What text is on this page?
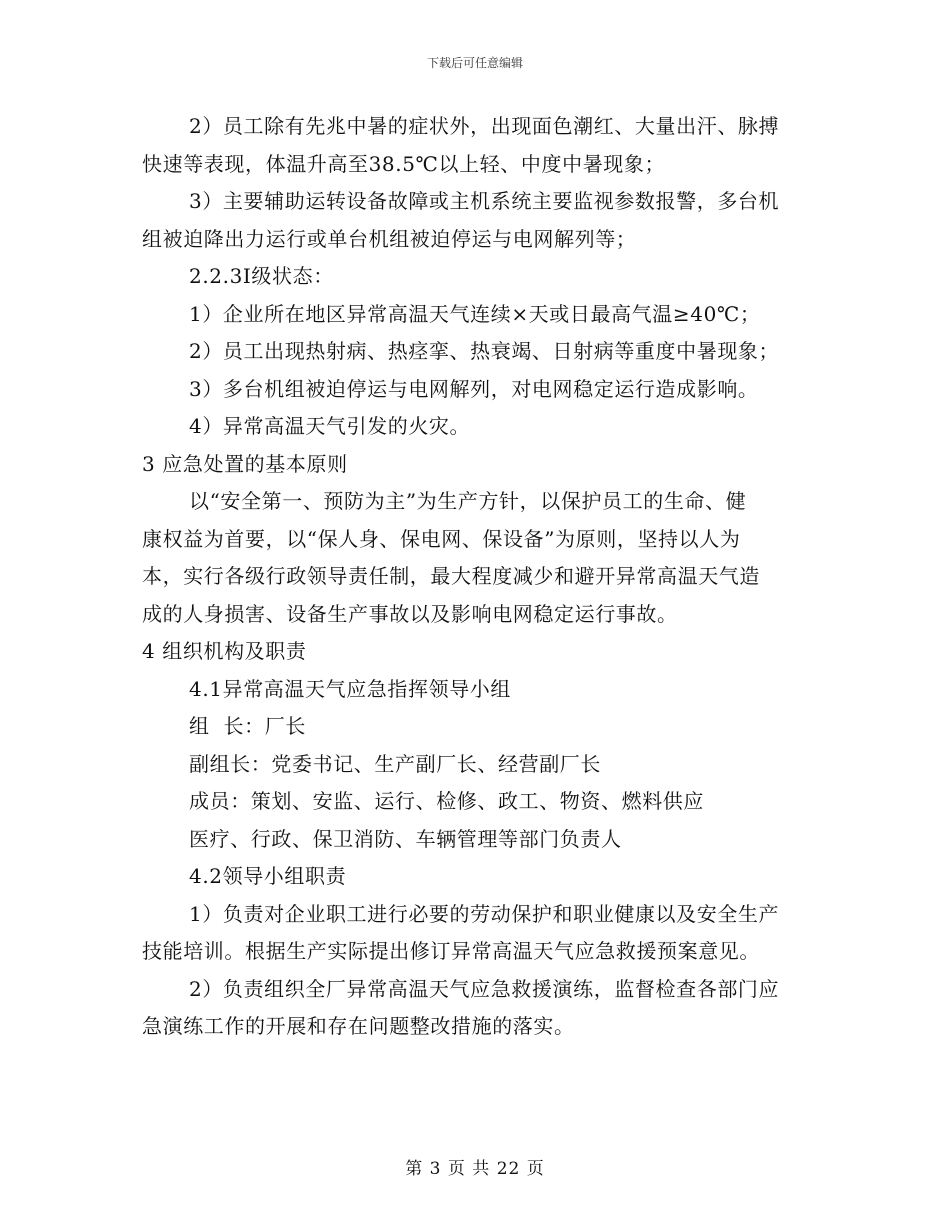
下载后可任意编辑
2）员工除有先兆中暑的症状外，出现面色潮红、大量出汗、脉搏
快速等表现，体温升高至38.5℃以上轻、中度中暑现象；
3）主要辅助运转设备故障或主机系统主要监视参数报警，多台机
组被迫降出力运行或单台机组被迫停运与电网解列等；
2.2.3Ⅰ级状态：
1）企业所在地区异常高温天气连续×天或日最高气温≥40℃；
2）员工出现热射病、热痉挛、热衰竭、日射病等重度中暑现象；
3）多台机组被迫停运与电网解列，对电网稳定运行造成影响。
4）异常高温天气引发的火灾。
3 应急处置的基本原则
以“安全第一、预防为主”为生产方针，以保护员工的生命、健
康权益为首要，以“保人身、保电网、保设备”为原则，坚持以人为
本，实行各级行政领导责任制，最大程度减少和避开异常高温天气造
成的人身损害、设备生产事故以及影响电网稳定运行事故。
4 组织机构及职责
4.1异常高温天气应急指挥领导小组
组  长：厂长
副组长：党委书记、生产副厂长、经营副厂长
成员：策划、安监、运行、检修、政工、物资、燃料供应
医疗、行政、保卫消防、车辆管理等部门负责人
4.2领导小组职责
1）负责对企业职工进行必要的劳动保护和职业健康以及安全生产
技能培训。根据生产实际提出修订异常高温天气应急救援预案意见。
2）负责组织全厂异常高温天气应急救援演练，监督检查各部门应
急演练工作的开展和存在问题整改措施的落实。
第 3 页 共 22 页
